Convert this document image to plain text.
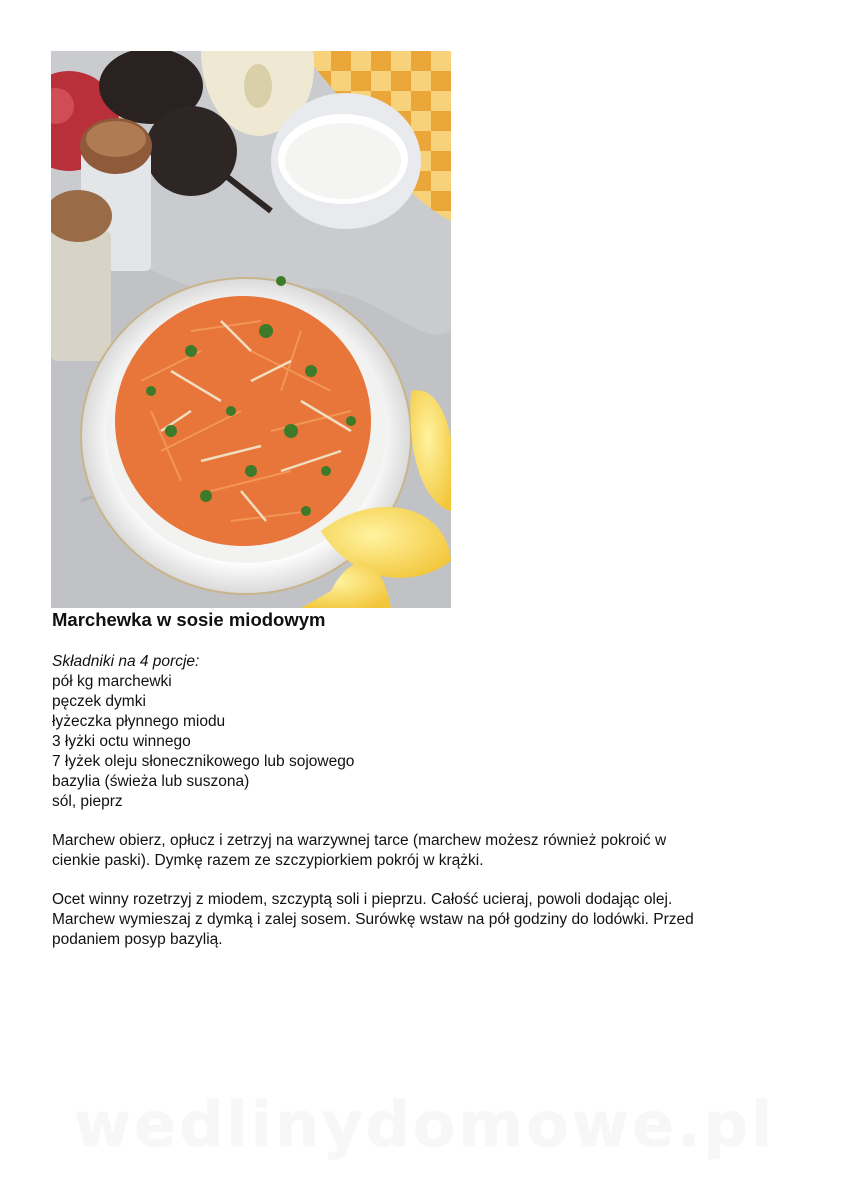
Marchewka w sosie miodowym
Składniki na 4 porcje:
pół kg marchewki
pęczek dymki
łyżeczka płynnego miodu
3 łyżki octu winnego
7 łyżek oleju słonecznikowego lub sojowego
bazylia (świeża lub suszona)
sól, pieprz

Marchew obierz, opłucz i zetrzyj na warzywnej tarce (marchew możesz również pokroić w
cienkie paski). Dymkę razem ze szczypiorkiem pokrój w krążki.

Ocet winny rozetrzyj z miodem, szczyptą soli i pieprzu. Całość ucieraj, powoli dodając olej.
Marchew wymieszaj z dymką i zalej sosem. Surówkę wstaw na pół godziny do lodówki. Przed
podaniem posyp bazylią.

wedlinydomowe.pl
